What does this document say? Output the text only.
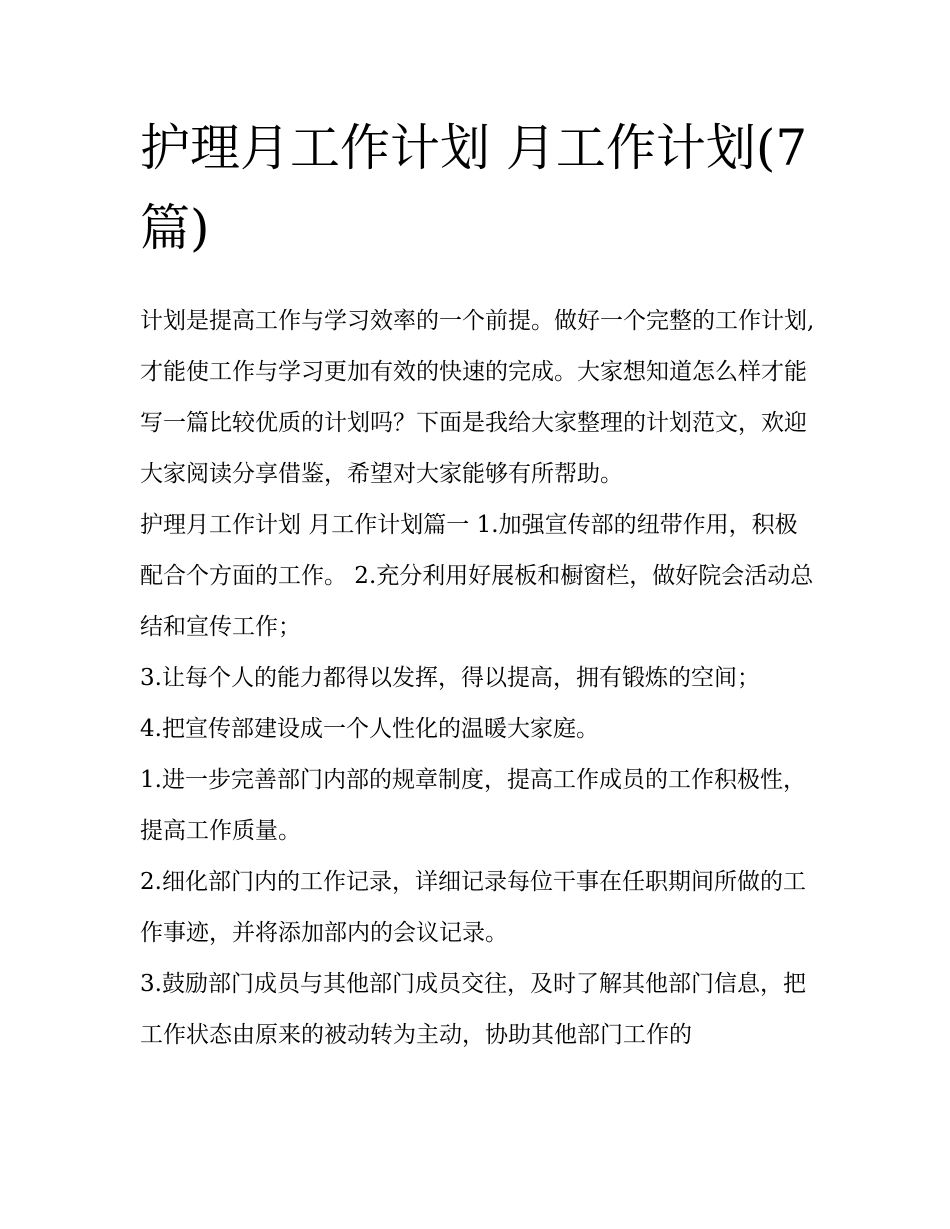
护理月工作计划 月工作计划(7篇)

计划是提高工作与学习效率的一个前提。做好一个完整的工作计划,才能使工作与学习更加有效的快速的完成。大家想知道怎么样才能写一篇比较优质的计划吗？下面是我给大家整理的计划范文，欢迎大家阅读分享借鉴，希望对大家能够有所帮助。

护理月工作计划 月工作计划篇一 1.加强宣传部的纽带作用，积极配合个方面的工作。 2.充分利用好展板和橱窗栏，做好院会活动总结和宣传工作；

3.让每个人的能力都得以发挥，得以提高，拥有锻炼的空间；

4.把宣传部建设成一个人性化的温暖大家庭。

1.进一步完善部门内部的规章制度，提高工作成员的工作积极性，提高工作质量。

2.细化部门内的工作记录，详细记录每位干事在任职期间所做的工作事迹，并将添加部内的会议记录。

3.鼓励部门成员与其他部门成员交往，及时了解其他部门信息，把工作状态由原来的被动转为主动，协助其他部门工作的
